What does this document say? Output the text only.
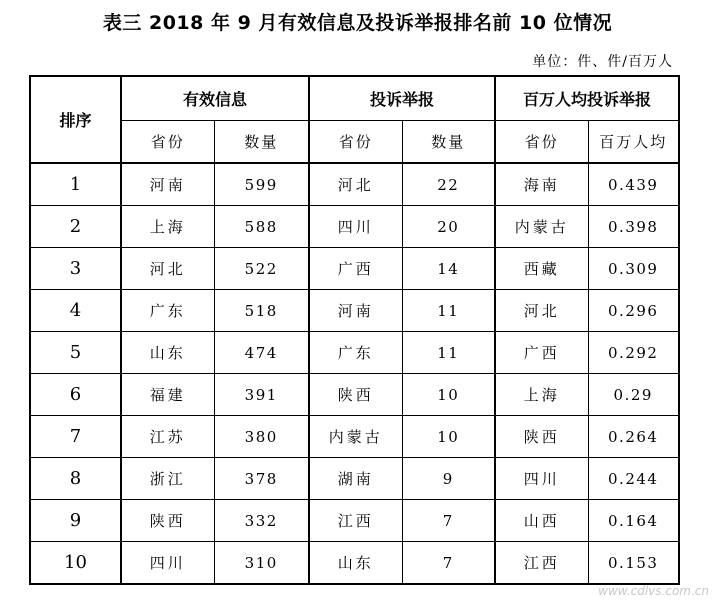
表三 2018 年 9 月有效信息及投诉举报排名前 10 位情况
单位：件、件/百万人
排序	有效信息		投诉举报		百万人均投诉举报	
	省份	数量	省份	数量	省份	百万人均
1	河南	599	河北	22	海南	0.439
2	上海	588	四川	20	内蒙古	0.398
3	河北	522	广西	14	西藏	0.309
4	广东	518	河南	11	河北	0.296
5	山东	474	广东	11	广西	0.292
6	福建	391	陕西	10	上海	0.29
7	江苏	380	内蒙古	10	陕西	0.264
8	浙江	378	湖南	9	四川	0.244
9	陕西	332	江西	7	山西	0.164
10	四川	310	山东	7	江西	0.153
www.cdlvs.com.cn
